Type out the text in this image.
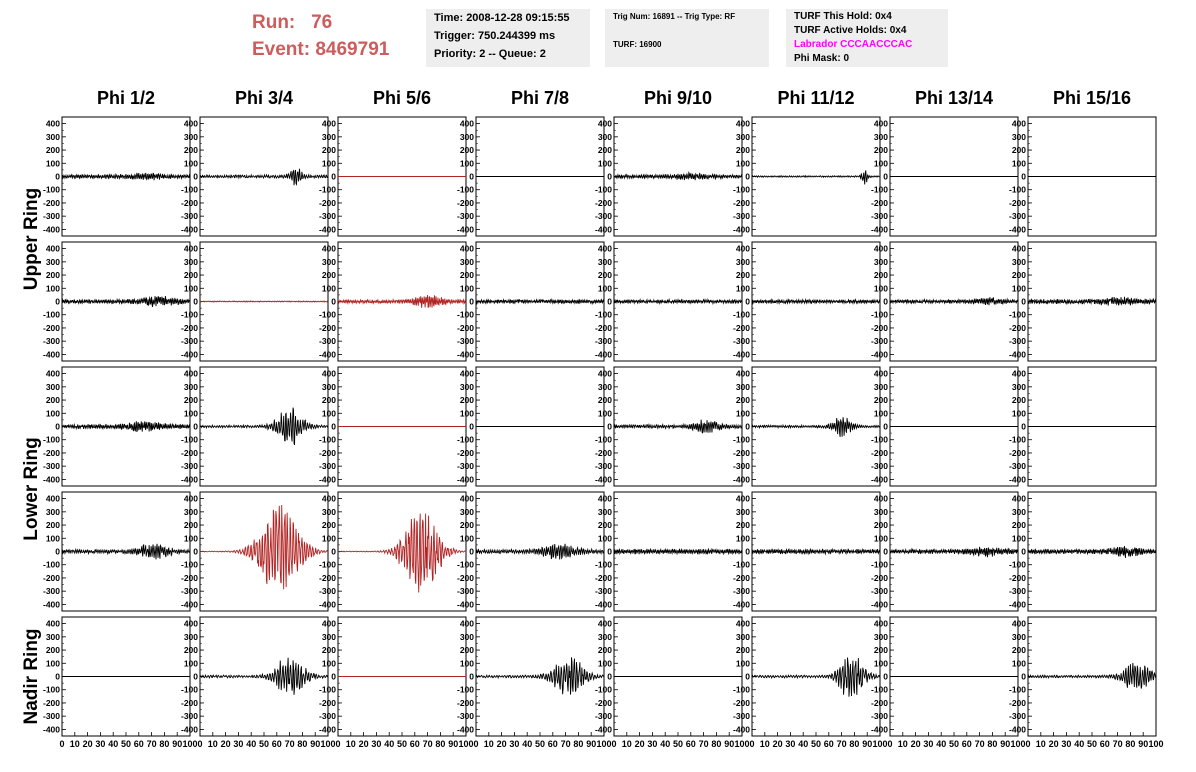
Run: 76
Event: 8469791
Time: 2008-12-28 09:15:55
Trigger: 750.244399 ms
Priority: 2 -- Queue: 2
Trig Num: 16891 -- Trig Type: RF
TURF: 16900
TURF This Hold: 0x4
TURF Active Holds: 0x4
Labrador CCCAACCCAC
Phi Mask: 0
Phi 1/2	Phi 3/4	Phi 5/6	Phi 7/8	Phi 9/10	Phi 11/12	Phi 13/14	Phi 15/16
Upper Ring
Lower Ring
Nadir Ring
400
300
200
100
0
-100
-200
-300
-400
400
300
200
100
0
-100
-200
-300
-400
400
300
200
100
0
-100
-200
-300
-400
400
300
200
100
0
-100
-200
-300
-400
400
300
200
100
0
-100
-200
-300
-400
400
300
200
100
0
-100
-200
-300
-400
400
300
200
100
0
-100
-200
-300
-400
400
300
200
100
0
-100
-200
-300
-400
400
300
200
100
0
-100
-200
-300
-400
400
300
200
100
0
-100
-200
-300
-400
400
300
200
100
0
-100
-200
-300
-400
400
300
200
100
0
-100
-200
-300
-400
400
300
200
100
0
-100
-200
-300
-400
400
300
200
100
0
-100
-200
-300
-400
400
300
200
100
0
-100
-200
-300
-400
400
300
200
100
0
-100
-200
-300
-400
400
300
200
100
0
-100
-200
-300
-400
400
300
200
100
0
-100
-200
-300
-400
400
300
200
100
0
-100
-200
-300
-400
400
300
200
100
0
-100
-200
-300
-400
400
300
200
100
0
-100
-200
-300
-400
400
300
200
100
0
-100
-200
-300
-400
400
300
200
100
0
-100
-200
-300
-400
400
300
200
100
0
-100
-200
-300
-400
400
300
200
100
0
-100
-200
-300
-400
400
300
200
100
0
-100
-200
-300
-400
400
300
200
100
0
-100
-200
-300
-400
400
300
200
100
0
-100
-200
-300
-400
400
300
200
100
0
-100
-200
-300
-400
400
300
200
100
0
-100
-200
-300
-400
400
300
200
100
0
-100
-200
-300
-400
400
300
200
100
0
-100
-200
-300
-400
400
300
200
100
0
-100
-200
-300
-400
0 10 20 30 40 50 60 70 80 90 100
400
300
200
100
0
-100
-200
-300
-400
0 10 20 30 40 50 60 70 80 90 100
400
300
200
100
0
-100
-200
-300
-400
0 10 20 30 40 50 60 70 80 90 100
400
300
200
100
0
-100
-200
-300
-400
0 10 20 30 40 50 60 70 80 90 100
400
300
200
100
0
-100
-200
-300
-400
0 10 20 30 40 50 60 70 80 90 100
400
300
200
100
0
-100
-200
-300
-400
0 10 20 30 40 50 60 70 80 90 100
400
300
200
100
0
-100
-200
-300
-400
0 10 20 30 40 50 60 70 80 90 100
400
300
200
100
0
-100
-200
-300
-400
0 10 20 30 40 50 60 70 80 90 100
